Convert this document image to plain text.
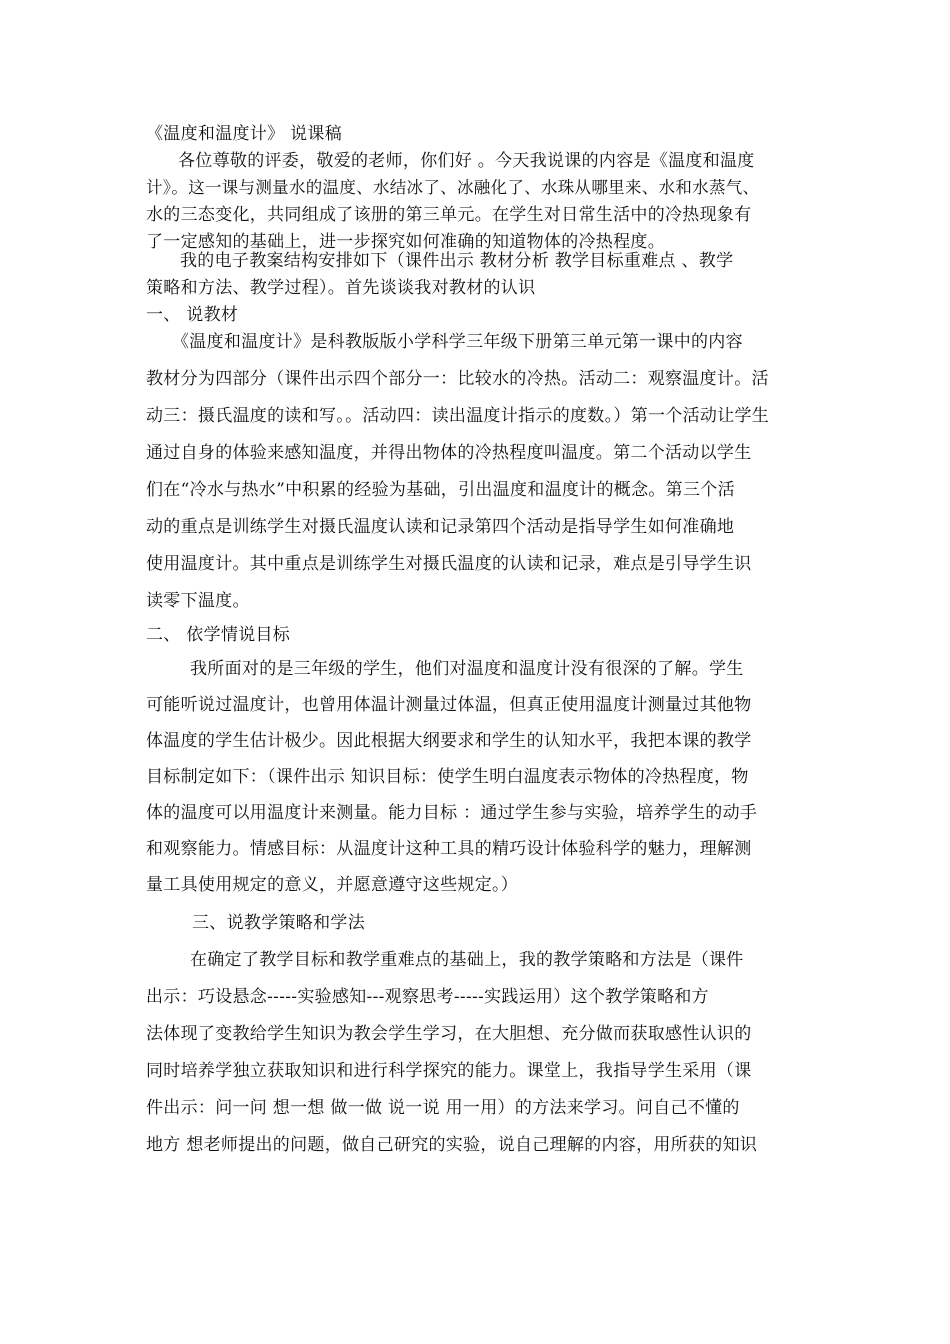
《温度和温度计》 说课稿
各位尊敬的评委，敬爱的老师，你们好 。今天我说课的内容是《温度和温度
计》。这一课与测量水的温度、水结冰了、冰融化了、水珠从哪里来、水和水蒸气、
水的三态变化，共同组成了该册的第三单元。在学生对日常生活中的冷热现象有
了一定感知的基础上，进一步探究如何准确的知道物体的冷热程度。
我的电子教案结构安排如下（课件出示 教材分析 教学目标重难点 、教学
策略和方法、教学过程）。首先谈谈我对教材的认识
一、 说教材
《温度和温度计》是科教版版小学科学三年级下册第三单元第一课中的内容
教材分为四部分（课件出示四个部分一：比较水的冷热。活动二：观察温度计。活
动三：摄氏温度的读和写。。活动四：读出温度计指示的度数。）第一个活动让学生
通过自身的体验来感知温度，并得出物体的冷热程度叫温度。第二个活动以学生
们在“冷水与热水”中积累的经验为基础，引出温度和温度计的概念。第三个活
动的重点是训练学生对摄氏温度认读和记录第四个活动是指导学生如何准确地
使用温度计。其中重点是训练学生对摄氏温度的认读和记录，难点是引导学生识
读零下温度。
二、 依学情说目标
我所面对的是三年级的学生，他们对温度和温度计没有很深的了解。学生
可能听说过温度计，也曾用体温计测量过体温，但真正使用温度计测量过其他物
体温度的学生估计极少。因此根据大纲要求和学生的认知水平，我把本课的教学
目标制定如下：（课件出示 知识目标：使学生明白温度表示物体的冷热程度，物
体的温度可以用温度计来测量。能力目标 ：通过学生参与实验，培养学生的动手
和观察能力。情感目标：从温度计这种工具的精巧设计体验科学的魅力，理解测
量工具使用规定的意义，并愿意遵守这些规定。）
三、说教学策略和学法
在确定了教学目标和教学重难点的基础上，我的教学策略和方法是（课件
出示：巧设悬念-----实验感知---观察思考-----实践运用）这个教学策略和方
法体现了变教给学生知识为教会学生学习，在大胆想、充分做而获取感性认识的
同时培养学独立获取知识和进行科学探究的能力。课堂上，我指导学生采用（课
件出示：问一问 想一想 做一做 说一说 用一用）的方法来学习。问自己不懂的
地方 想老师提出的问题，做自己研究的实验，说自己理解的内容，用所获的知识
